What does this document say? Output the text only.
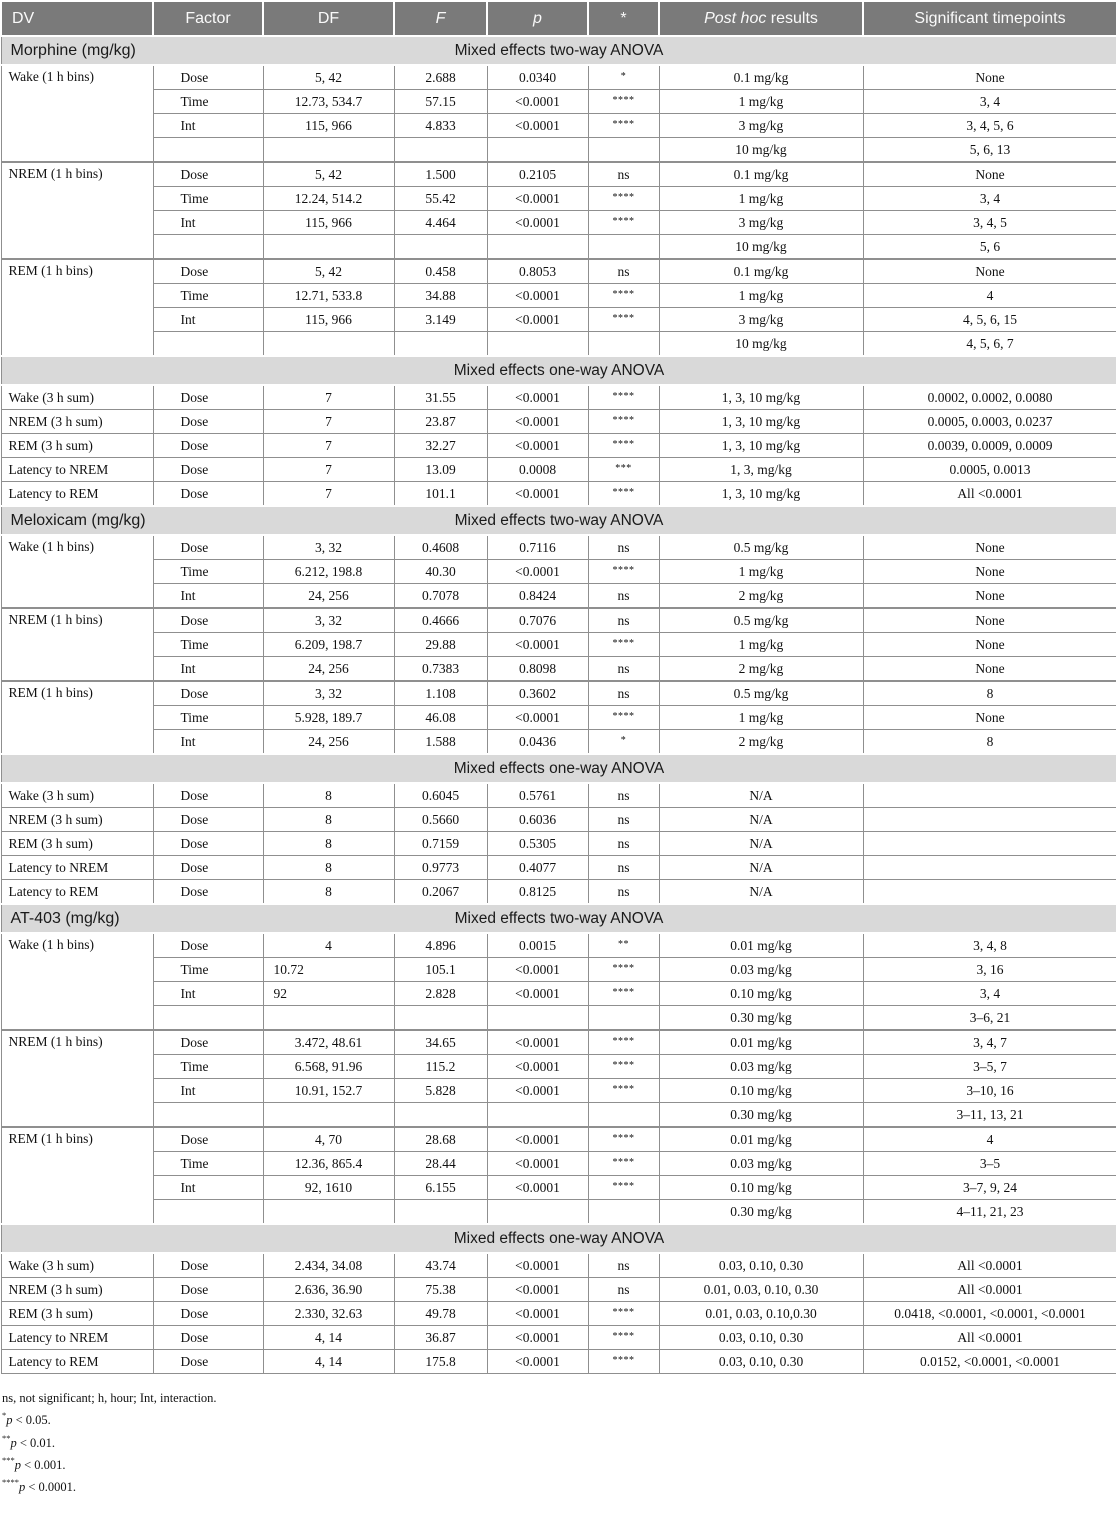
DV	Factor	DF	F	p	*	Post hoc results	Significant timepoints

Morphine (mg/kg) Mixed effects two-way ANOVA							

Wake (1 h bins)	Dose	5, 42	2.688	0.0340	*	0.1 mg/kg	None
	Time	12.73, 534.7	57.15	<0.0001	****	1 mg/kg	3, 4
	Int	115, 966	4.833	<0.0001	****	3 mg/kg	3, 4, 5, 6
						10 mg/kg	5, 6, 13
NREM (1 h bins)	Dose	5, 42	1.500	0.2105	ns	0.1 mg/kg	None
	Time	12.24, 514.2	55.42	<0.0001	****	1 mg/kg	3, 4
	Int	115, 966	4.464	<0.0001	****	3 mg/kg	3, 4, 5
						10 mg/kg	5, 6
REM (1 h bins)	Dose	5, 42	0.458	0.8053	ns	0.1 mg/kg	None
	Time	12.71, 533.8	34.88	<0.0001	****	1 mg/kg	4
	Int	115, 966	3.149	<0.0001	****	3 mg/kg	4, 5, 6, 15
						10 mg/kg	4, 5, 6, 7

Mixed effects one-way ANOVA							

Wake (3 h sum)	Dose	7	31.55	<0.0001	****	1, 3, 10 mg/kg	0.0002, 0.0002, 0.0080
NREM (3 h sum)	Dose	7	23.87	<0.0001	****	1, 3, 10 mg/kg	0.0005, 0.0003, 0.0237
REM (3 h sum)	Dose	7	32.27	<0.0001	****	1, 3, 10 mg/kg	0.0039, 0.0009, 0.0009
Latency to NREM	Dose	7	13.09	0.0008	***	1, 3, mg/kg	0.0005, 0.0013
Latency to REM	Dose	7	101.1	<0.0001	****	1, 3, 10 mg/kg	All <0.0001

Meloxicam (mg/kg) Mixed effects two-way ANOVA							

Wake (1 h bins)	Dose	3, 32	0.4608	0.7116	ns	0.5 mg/kg	None
	Time	6.212, 198.8	40.30	<0.0001	****	1 mg/kg	None
	Int	24, 256	0.7078	0.8424	ns	2 mg/kg	None
NREM (1 h bins)	Dose	3, 32	0.4666	0.7076	ns	0.5 mg/kg	None
	Time	6.209, 198.7	29.88	<0.0001	****	1 mg/kg	None
	Int	24, 256	0.7383	0.8098	ns	2 mg/kg	None
REM (1 h bins)	Dose	3, 32	1.108	0.3602	ns	0.5 mg/kg	8
	Time	5.928, 189.7	46.08	<0.0001	****	1 mg/kg	None
	Int	24, 256	1.588	0.0436	*	2 mg/kg	8

Mixed effects one-way ANOVA							

Wake (3 h sum)	Dose	8	0.6045	0.5761	ns	N/A	
NREM (3 h sum)	Dose	8	0.5660	0.6036	ns	N/A	
REM (3 h sum)	Dose	8	0.7159	0.5305	ns	N/A	
Latency to NREM	Dose	8	0.9773	0.4077	ns	N/A	
Latency to REM	Dose	8	0.2067	0.8125	ns	N/A	

AT-403 (mg/kg) Mixed effects two-way ANOVA							

Wake (1 h bins)	Dose	4	4.896	0.0015	**	0.01 mg/kg	3, 4, 8
	Time	10.72	105.1	<0.0001	****	0.03 mg/kg	3, 16
	Int	92	2.828	<0.0001	****	0.10 mg/kg	3, 4
						0.30 mg/kg	3–6, 21
NREM (1 h bins)	Dose	3.472, 48.61	34.65	<0.0001	****	0.01 mg/kg	3, 4, 7
	Time	6.568, 91.96	115.2	<0.0001	****	0.03 mg/kg	3–5, 7
	Int	10.91, 152.7	5.828	<0.0001	****	0.10 mg/kg	3–10, 16
						0.30 mg/kg	3–11, 13, 21
REM (1 h bins)	Dose	4, 70	28.68	<0.0001	****	0.01 mg/kg	4
	Time	12.36, 865.4	28.44	<0.0001	****	0.03 mg/kg	3–5
	Int	92, 1610	6.155	<0.0001	****	0.10 mg/kg	3–7, 9, 24
						0.30 mg/kg	4–11, 21, 23

Mixed effects one-way ANOVA							

Wake (3 h sum)	Dose	2.434, 34.08	43.74	<0.0001	ns	0.03, 0.10, 0.30	All <0.0001
NREM (3 h sum)	Dose	2.636, 36.90	75.38	<0.0001	ns	0.01, 0.03, 0.10, 0.30	All <0.0001
REM (3 h sum)	Dose	2.330, 32.63	49.78	<0.0001	****	0.01, 0.03, 0.10,0.30	0.0418, <0.0001, <0.0001, <0.0001
Latency to NREM	Dose	4, 14	36.87	<0.0001	****	0.03, 0.10, 0.30	All <0.0001
Latency to REM	Dose	4, 14	175.8	<0.0001	****	0.03, 0.10, 0.30	0.0152, <0.0001, <0.0001
ns, not significant; h, hour; Int, interaction.
*p < 0.05.
**p < 0.01.
***p < 0.001.
****p < 0.0001.
